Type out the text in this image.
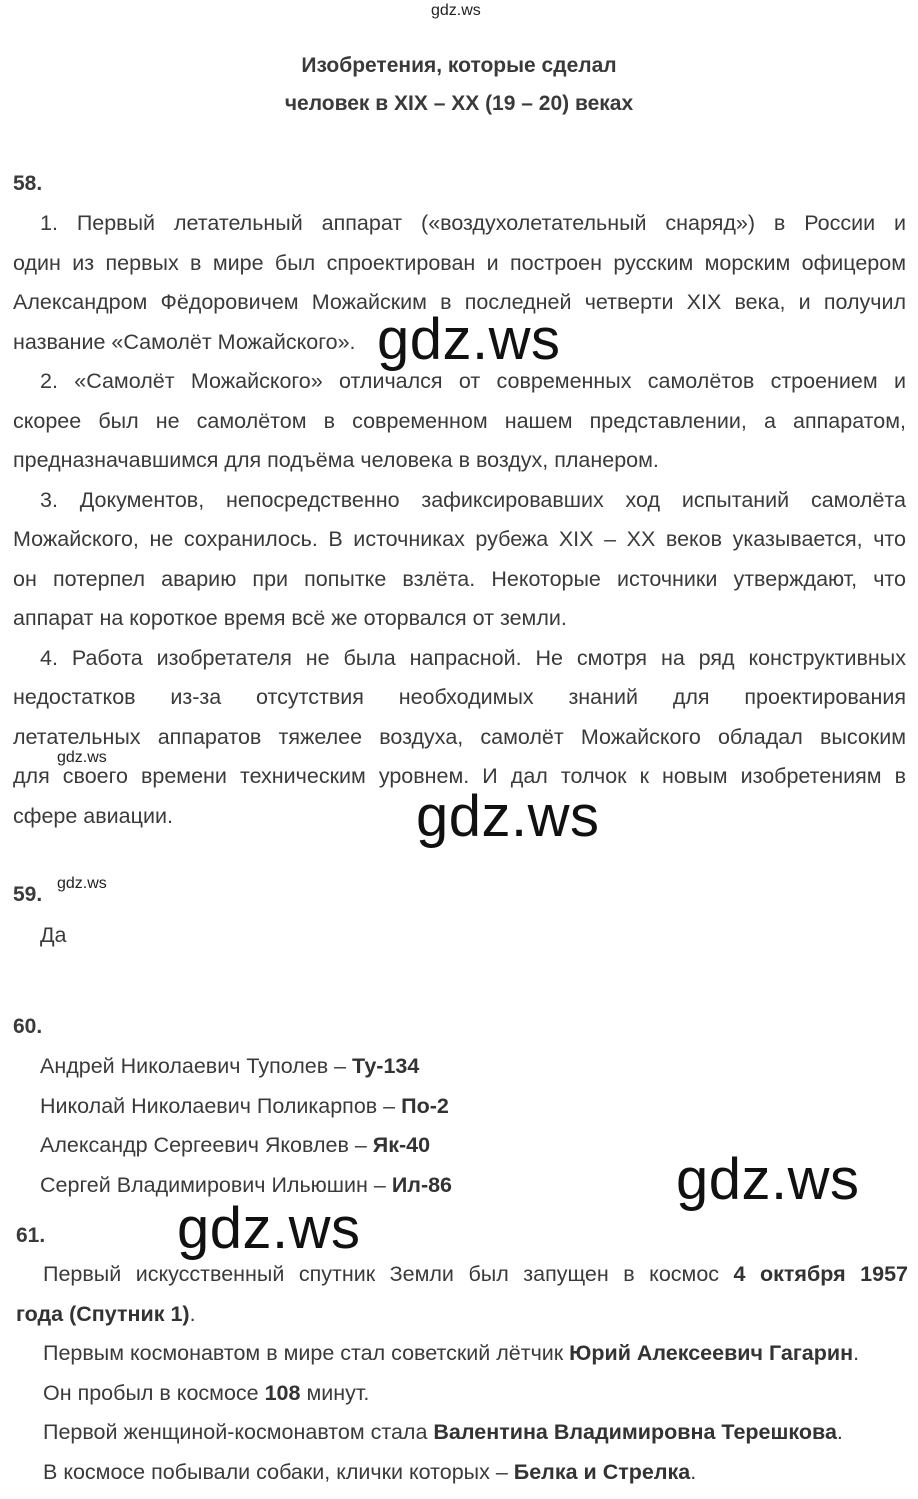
gdz.ws
Изобретения, которые сделал
человек в XIX – XX (19 – 20) веках
58.
1. Первый летательный аппарат («воздухолетательный снаряд») в России и
один из первых в мире был спроектирован и построен русским морским офицером
Александром Фёдоровичем Можайским в последней четверти XIX века, и получил
название «Самолёт Можайского».
2. «Самолёт Можайского» отличался от современных самолётов строением и
скорее был не самолётом в современном нашем представлении, а аппаратом,
предназначавшимся для подъёма человека в воздух, планером.
3. Документов, непосредственно зафиксировавших ход испытаний самолёта
Можайского, не сохранилось. В источниках рубежа XIX – XX веков указывается, что
он потерпел аварию при попытке взлёта. Некоторые источники утверждают, что
аппарат на короткое время всё же оторвался от земли.
4. Работа изобретателя не была напрасной. Не смотря на ряд конструктивных
недостатков из-за отсутствия необходимых знаний для проектирования
летательных аппаратов тяжелее воздуха, самолёт Можайского обладал высоким
для своего времени техническим уровнем. И дал толчок к новым изобретениям в
сфере авиации.
gdz.ws
gdz.ws
gdz.ws
59. gdz.ws
Да
60.
Андрей Николаевич Туполев – Ту-134
Николай Николаевич Поликарпов – По-2
Александр Сергеевич Яковлев – Як-40
Сергей Владимирович Ильюшин – Ил-86	gdz.ws
gdz.ws
61.
Первый искусственный спутник Земли был запущен в космос 4 октября 1957
года (Спутник 1).
Первым космонавтом в мире стал советский лётчик Юрий Алексеевич Гагарин.
Он пробыл в космосе 108 минут.
Первой женщиной-космонавтом стала Валентина Владимировна Терешкова.
В космосе побывали собаки, клички которых – Белка и Стрелка.
